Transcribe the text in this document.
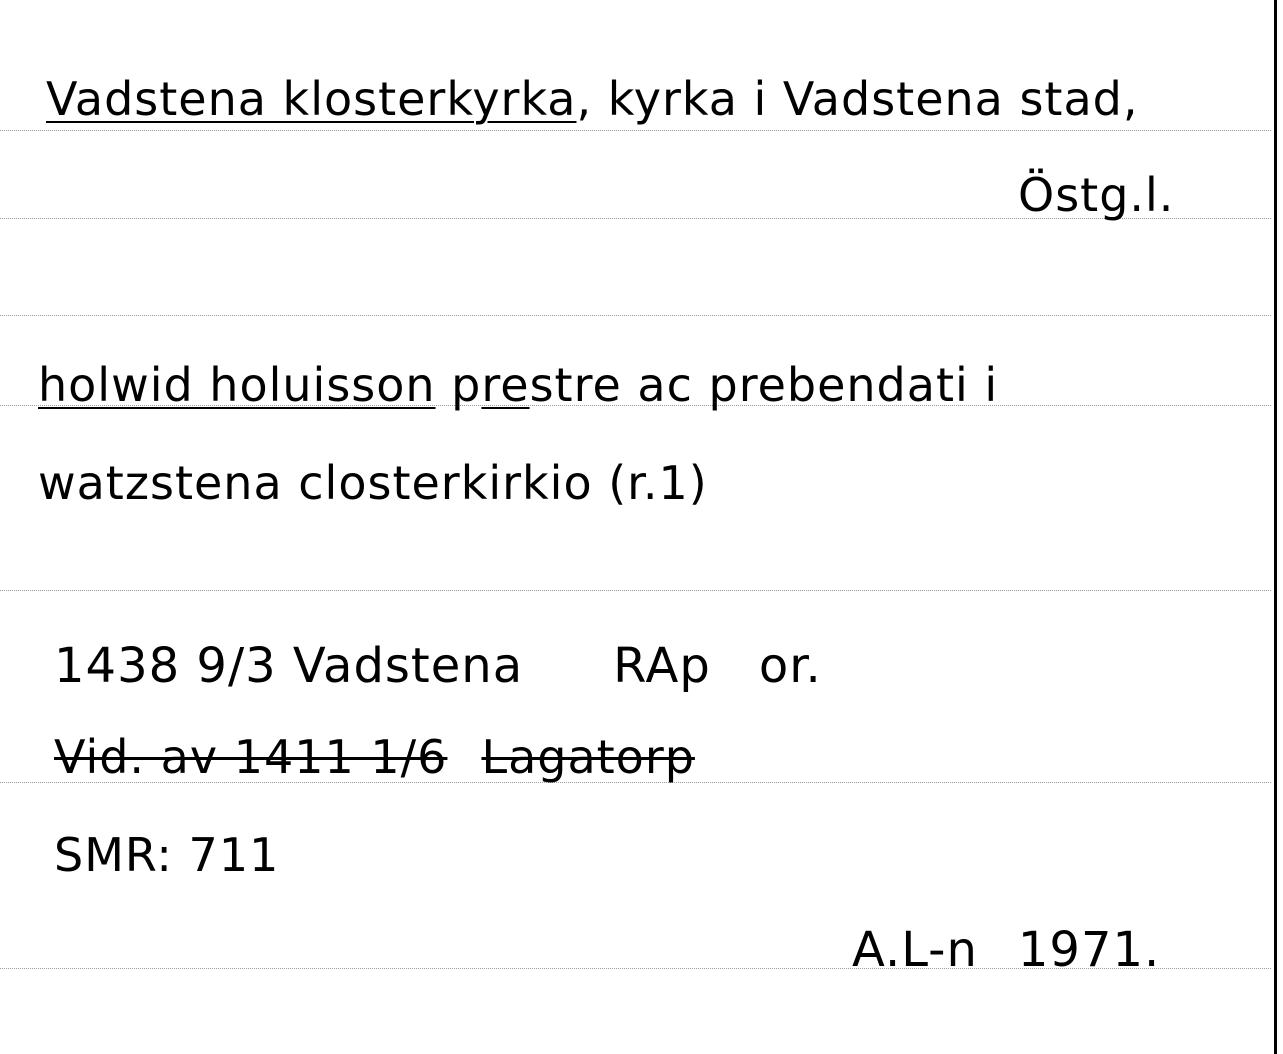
Vadstena klosterkyrka, kyrka i Vadstena stad,
Östg.l.
holwid holuisson prestre ac prebendati i
watzstena closterkirkio (r.1)
1438 9/3 Vadstena RAp or.
Vid. av 1411 1/6 Lagatorp
SMR: 711
A.L-n 1971.
